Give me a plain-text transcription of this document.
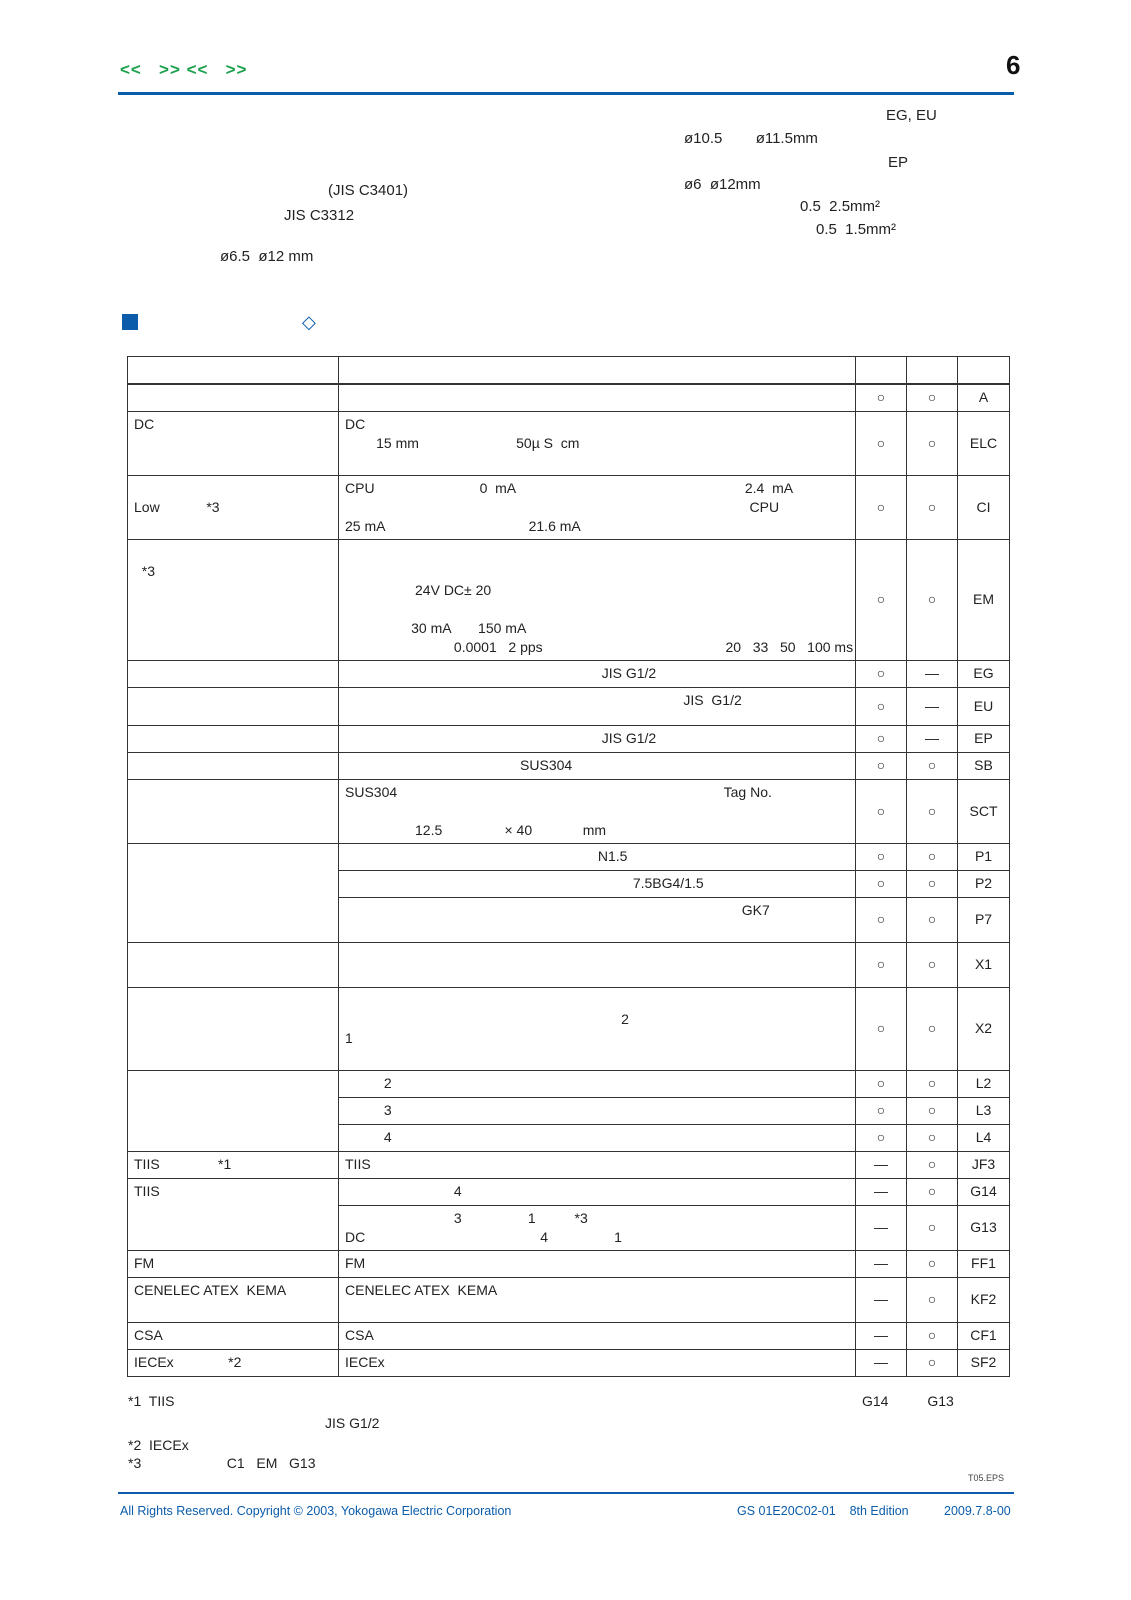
<<   >> <<   >>	6
ø6.5  ø12 mm
(JIS C3401)
JIS C3312
EG, EU
ø10.5        ø11.5mm
EP
ø6  ø12mm
0.5  2.5mm²
0.5  1.5mm²
◇

	○	○	A

DC	DC
15 mm                         50µ S  cm	○	○	ELC

Low            *3	CPU                           0  mA                                                           2.4  mA
CPU
25 mA                                     21.6 mA	○	○	CI

*3	24V DC± 20
30 mA       150 mA
0.0001   2 pps                                               20   33   50   100 ms	○	○	EM

	JIS G1/2	○	—	EG

	JIS  G1/2	○	—	EU

	JIS G1/2	○	—	EP

	SUS304	○	○	SB

	SUS304                                                                                    Tag No.
12.5                × 40             mm	○	○	SCT

	N1.5	○	○	P1

	7.5BG4/1.5	○	○	P2

	GK7	○	○	P7

	○	○	X1

	2
1	○	○	X2

	2	○	○	L2

	3	○	○	L3

	4	○	○	L4

TIIS               *1	TIIS	—	○	JF3

TIIS	4	—	○	G14

	3                 1          *3
DC                                             4                 1	—	○	G13

FM	FM	—	○	FF1

CENELEC ATEX  KEMA	CENELEC ATEX  KEMA	—	○	KF2

CSA	CSA	—	○	CF1

IECEx              *2	IECEx	—	○	SF2
*1  TIIS	G14          G13
JIS G1/2
*2  IECEx
*3                      C1   EM   G13
T05.EPS
All Rights Reserved. Copyright © 2003, Yokogawa Electric Corporation	GS 01E20C02-01    8th Edition	2009.7.8-00
